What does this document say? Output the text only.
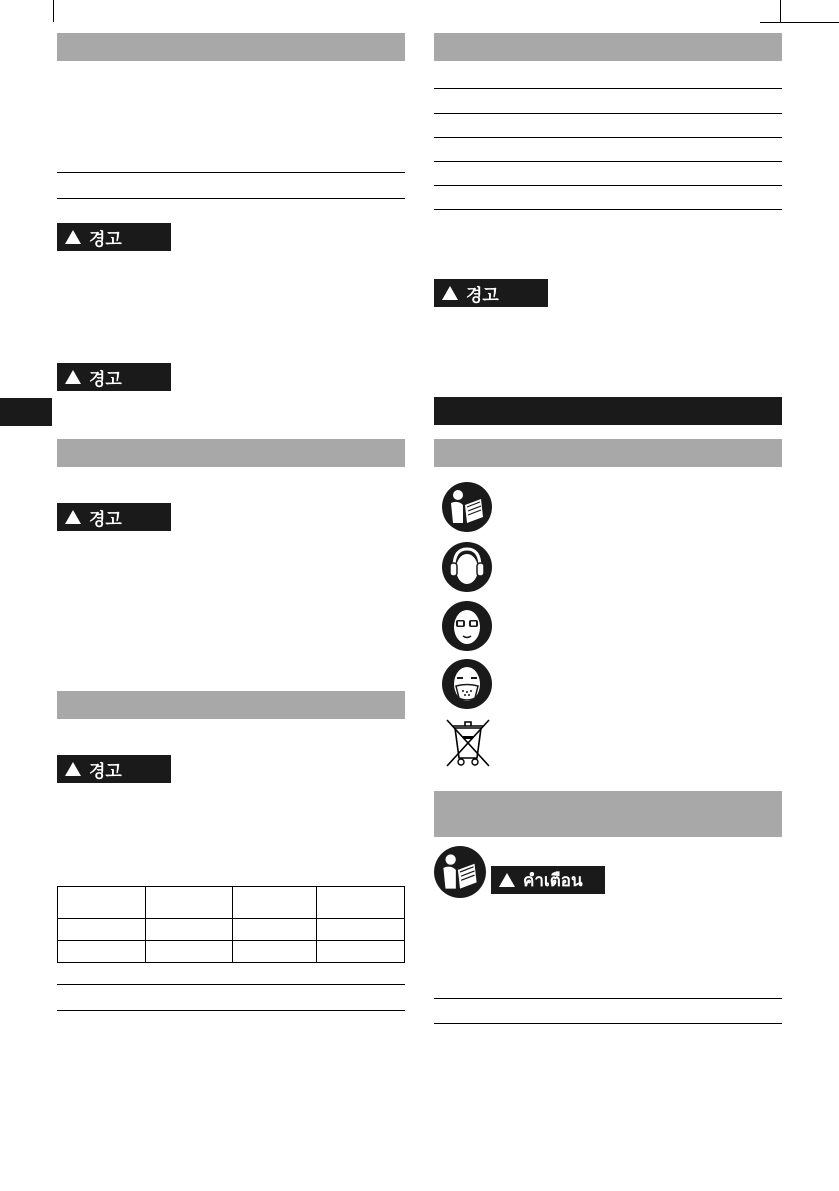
경고
경고
경고
경고

경고
คำเตือน
